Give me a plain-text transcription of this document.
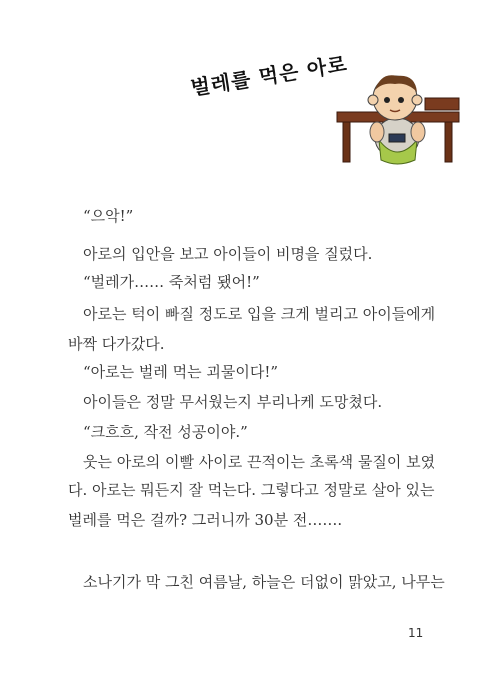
벌레를 먹은 아로
“으악!”
아로의 입안을 보고 아이들이 비명을 질렀다.
“벌레가…… 죽처럼 됐어!”
아로는 턱이 빠질 정도로 입을 크게 벌리고 아이들에게
바짝 다가갔다.
“아로는 벌레 먹는 괴물이다!”
아이들은 정말 무서웠는지 부리나케 도망쳤다.
“크흐흐, 작전 성공이야.”
웃는 아로의 이빨 사이로 끈적이는 초록색 물질이 보였
다. 아로는 뭐든지 잘 먹는다. 그렇다고 정말로 살아 있는
벌레를 먹은 걸까? 그러니까 30분 전…….
소나기가 막 그친 여름날, 하늘은 더없이 맑았고, 나무는
11
